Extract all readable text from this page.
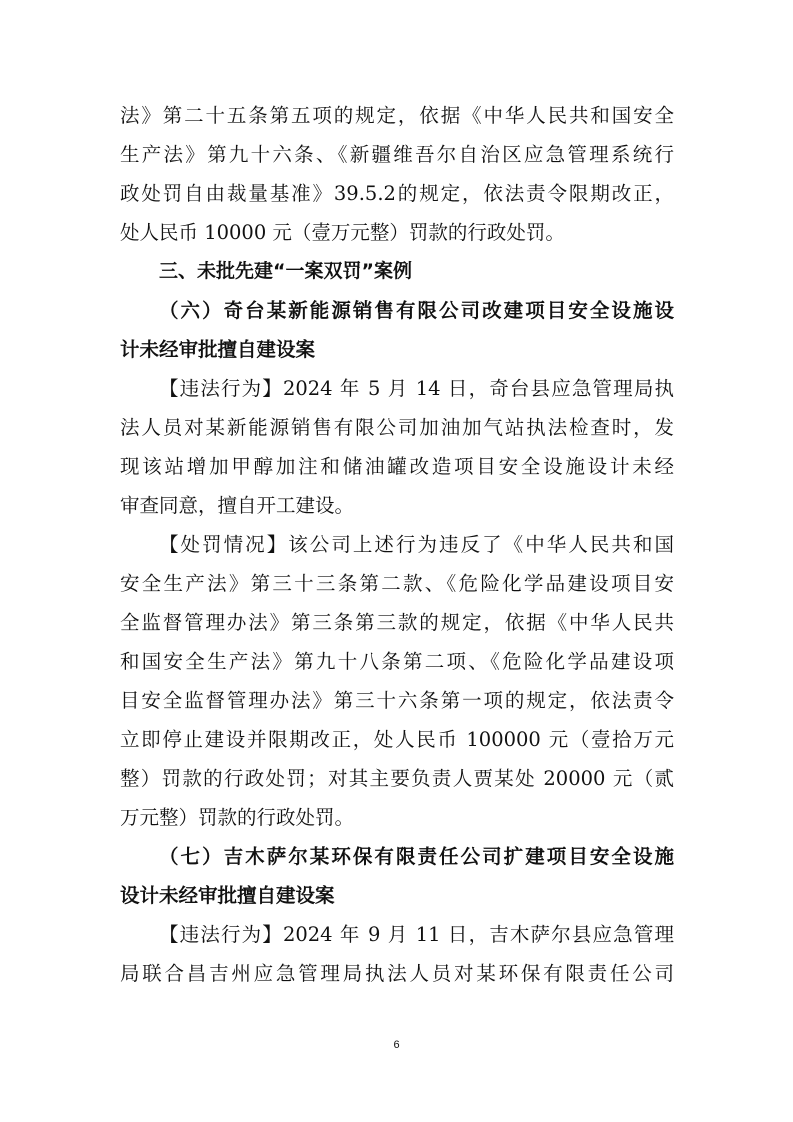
法》第二十五条第五项的规定，依据《中华人民共和国安全
生产法》第九十六条、《新疆维吾尔自治区应急管理系统行
政处罚自由裁量基准》39.5.2的规定，依法责令限期改正，
处人民币 10000 元（壹万元整）罚款的行政处罚。
三、未批先建“一案双罚”案例
（六）奇台某新能源销售有限公司改建项目安全设施设
计未经审批擅自建设案
【违法行为】2024 年 5 月 14 日，奇台县应急管理局执
法人员对某新能源销售有限公司加油加气站执法检查时，发
现该站增加甲醇加注和储油罐改造项目安全设施设计未经
审查同意，擅自开工建设。
【处罚情况】该公司上述行为违反了《中华人民共和国
安全生产法》第三十三条第二款、《危险化学品建设项目安
全监督管理办法》第三条第三款的规定，依据《中华人民共
和国安全生产法》第九十八条第二项、《危险化学品建设项
目安全监督管理办法》第三十六条第一项的规定，依法责令
立即停止建设并限期改正，处人民币 100000 元（壹拾万元
整）罚款的行政处罚；对其主要负责人贾某处 20000 元（贰
万元整）罚款的行政处罚。
（七）吉木萨尔某环保有限责任公司扩建项目安全设施
设计未经审批擅自建设案
【违法行为】2024 年 9 月 11 日，吉木萨尔县应急管理
局联合昌吉州应急管理局执法人员对某环保有限责任公司
6
